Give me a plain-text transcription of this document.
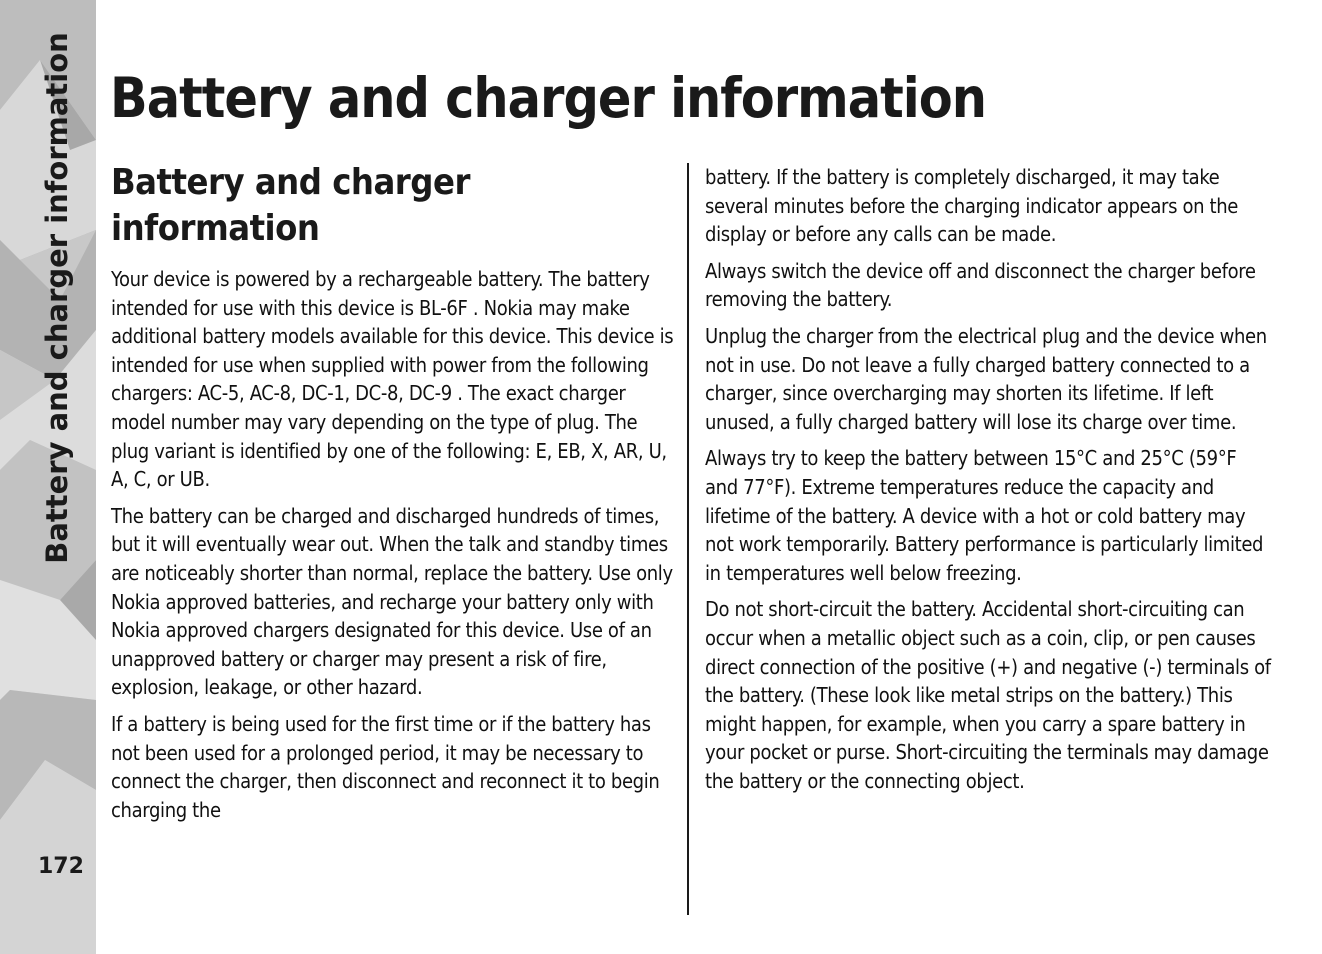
Battery and charger information
172
Battery and charger information
Battery and charger information

Your device is powered by a rechargeable battery. The battery intended for use with this device is BL-6F . Nokia may make additional battery models available for this device. This device is intended for use when supplied with power from the following chargers: AC-5, AC-8, DC-1, DC-8, DC-9 . The exact charger model number may vary depending on the type of plug. The plug variant is identified by one of the following: E, EB, X, AR, U, A, C, or UB.

The battery can be charged and discharged hundreds of times, but it will eventually wear out. When the talk and standby times are noticeably shorter than normal, replace the battery. Use only Nokia approved batteries, and recharge your battery only with Nokia approved chargers designated for this device. Use of an unapproved battery or charger may present a risk of fire, explosion, leakage, or other hazard.

If a battery is being used for the first time or if the battery has not been used for a prolonged period, it may be necessary to connect the charger, then disconnect and reconnect it to begin charging the

battery. If the battery is completely discharged, it may take several minutes before the charging indicator appears on the display or before any calls can be made.

Always switch the device off and disconnect the charger before removing the battery.

Unplug the charger from the electrical plug and the device when not in use. Do not leave a fully charged battery connected to a charger, since overcharging may shorten its lifetime. If left unused, a fully charged battery will lose its charge over time.

Always try to keep the battery between 15°C and 25°C (59°F and 77°F). Extreme temperatures reduce the capacity and lifetime of the battery. A device with a hot or cold battery may not work temporarily. Battery performance is particularly limited in temperatures well below freezing.

Do not short-circuit the battery. Accidental short-circuiting can occur when a metallic object such as a coin, clip, or pen causes direct connection of the positive (+) and negative (-) terminals of the battery. (These look like metal strips on the battery.) This might happen, for example, when you carry a spare battery in your pocket or purse. Short-circuiting the terminals may damage the battery or the connecting object.
